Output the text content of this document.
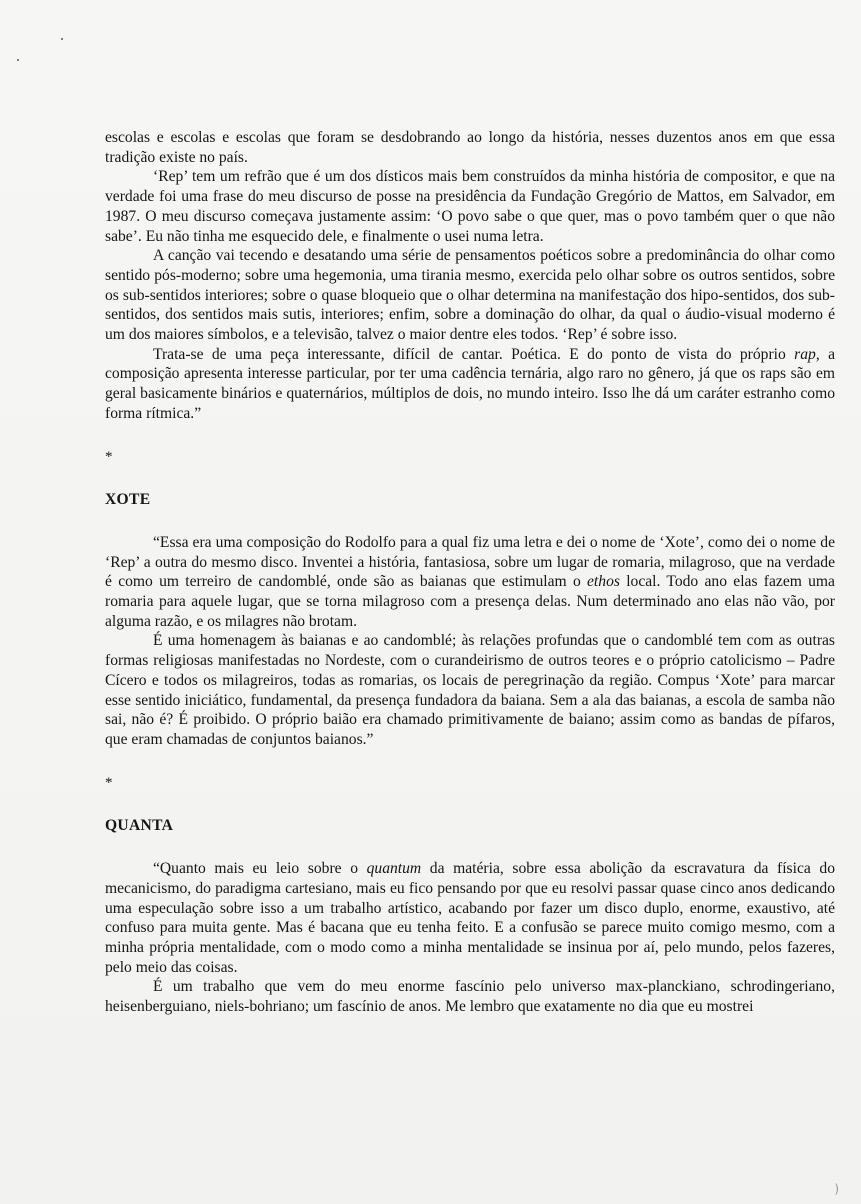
escolas e escolas e escolas que foram se desdobrando ao longo da história, nesses duzentos anos em que essa tradição existe no país.

‘Rep’ tem um refrão que é um dos dísticos mais bem construídos da minha história de compositor, e que na verdade foi uma frase do meu discurso de posse na presidência da Fundação Gregório de Mattos, em Salvador, em 1987. O meu discurso começava justamente assim: ‘O povo sabe o que quer, mas o povo também quer o que não sabe’. Eu não tinha me esquecido dele, e finalmente o usei numa letra.

A canção vai tecendo e desatando uma série de pensamentos poéticos sobre a predominância do olhar como sentido pós-moderno; sobre uma hegemonia, uma tirania mesmo, exercida pelo olhar sobre os outros sentidos, sobre os sub-sentidos interiores; sobre o quase bloqueio que o olhar determina na manifestação dos hipo-sentidos, dos sub-sentidos, dos sentidos mais sutis, interiores; enfim, sobre a dominação do olhar, da qual o áudio-visual moderno é um dos maiores símbolos, e a televisão, talvez o maior dentre eles todos. ‘Rep’ é sobre isso.

Trata-se de uma peça interessante, difícil de cantar. Poética. E do ponto de vista do próprio rap, a composição apresenta interesse particular, por ter uma cadência ternária, algo raro no gênero, já que os raps são em geral basicamente binários e quaternários, múltiplos de dois, no mundo inteiro. Isso lhe dá um caráter estranho como forma rítmica.”

*

XOTE

“Essa era uma composição do Rodolfo para a qual fiz uma letra e dei o nome de ‘Xote’, como dei o nome de ‘Rep’ a outra do mesmo disco. Inventei a história, fantasiosa, sobre um lugar de romaria, milagroso, que na verdade é como um terreiro de candomblé, onde são as baianas que estimulam o ethos local. Todo ano elas fazem uma romaria para aquele lugar, que se torna milagroso com a presença delas. Num determinado ano elas não vão, por alguma razão, e os milagres não brotam.

É uma homenagem às baianas e ao candomblé; às relações profundas que o candomblé tem com as outras formas religiosas manifestadas no Nordeste, com o curandeirismo de outros teores e o próprio catolicismo – Padre Cícero e todos os milagreiros, todas as romarias, os locais de peregrinação da região. Compus ‘Xote’ para marcar esse sentido iniciático, fundamental, da presença fundadora da baiana. Sem a ala das baianas, a escola de samba não sai, não é? É proibido. O próprio baião era chamado primitivamente de baiano; assim como as bandas de pífaros, que eram chamadas de conjuntos baianos.”

*

QUANTA

“Quanto mais eu leio sobre o quantum da matéria, sobre essa abolição da escravatura da física do mecanicismo, do paradigma cartesiano, mais eu fico pensando por que eu resolvi passar quase cinco anos dedicando uma especulação sobre isso a um trabalho artístico, acabando por fazer um disco duplo, enorme, exaustivo, até confuso para muita gente. Mas é bacana que eu tenha feito. E a confusão se parece muito comigo mesmo, com a minha própria mentalidade, com o modo como a minha mentalidade se insinua por aí, pelo mundo, pelos fazeres, pelo meio das coisas.

É um trabalho que vem do meu enorme fascínio pelo universo max-planckiano, schrodingeriano, heisenberguiano, niels-bohriano; um fascínio de anos. Me lembro que exatamente no dia que eu mostrei

)
